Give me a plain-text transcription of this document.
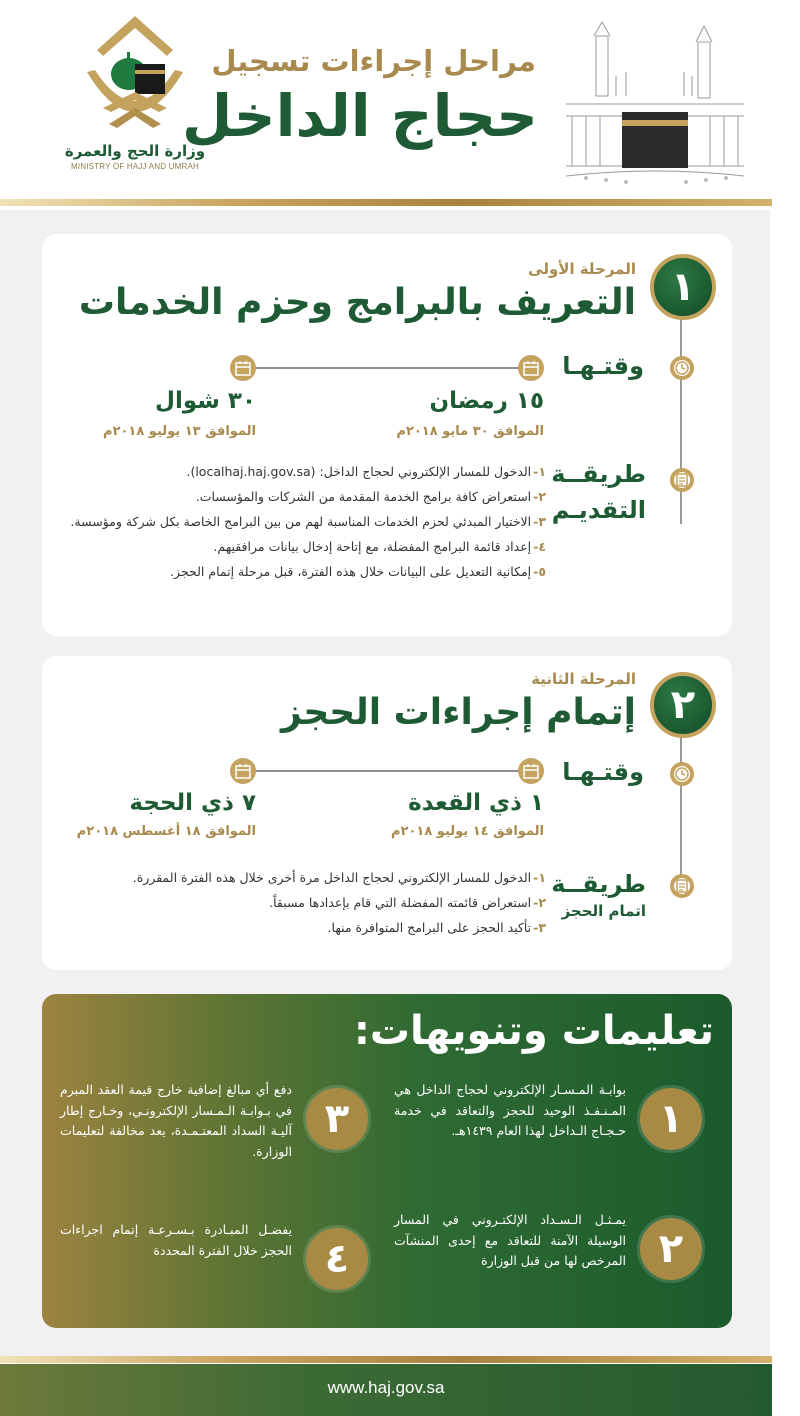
وزارة الحج والعمرة
MINISTRY OF HAJJ AND UMRAH
مراحل إجراءات تسجيل
حجاج الداخل
١
المرحلة الأولى
التعريف بالبرامج وحزم الخدمات
وقتـهـا
١٥ رمضان
الموافق ٣٠ مايو ٢٠١٨م
٣٠ شوال
الموافق ١٣ يوليو ٢٠١٨م
طريقــة
التقديـم
١-الدخول للمسار الإلكتروني لحجاج الداخل: (localhaj.haj.gov.sa).
٢-استعراض كافة برامج الخدمة المقدمة من الشركات والمؤسسات.
٣-الاختيار المبدئي لحزم الخدمات المناسبة لهم من بين البرامج الخاصة بكل شركة ومؤسسة.
٤-إعداد قائمة البرامج المفضلة، مع إتاحة إدخال بيانات مرافقيهم.
٥-إمكانية التعديل على البيانات خلال هذه الفترة، قبل مرحلة إتمام الحجز.
٢
المرحلة الثانية
إتمام إجراءات الحجز
وقتـهـا
١ ذي القعدة
الموافق ١٤ يوليو ٢٠١٨م
٧ ذي الحجة
الموافق ١٨ أغسطس ٢٠١٨م
طريقــة
اتمام الحجز
١-الدخول للمسار الإلكتروني لحجاج الداخل مرة أخرى خلال هذه الفترة المقررة.
٢-استعراض قائمته المفضلة التي قام بإعدادها مسبقاً.
٣-تأكيد الحجز على البرامج المتوافرة منها.
تعليمات وتنويهات:
١
بوابـة المـسـار الإلكتروني لحجاج الداخل هي المـنـفـذ الوحيد للحجز والتعاقد في خدمة حـجـاج الـداخل لهذا العام ١٤٣٩هـ.
٢
يمـثـل الـسـداد الإلكتـروني في المسار الوسيلة الآمنة للتعاقد مع إحدى المنشآت المرخص لها من قبل الوزارة
٣
دفع أي مبالغ إضافية خارج قيمة العقد المبرم في بـوابـة الـمـسار الإلكترونـي، وخـارج إطار آليـة السداد المعتـمـدة، يعد مخالفة لتعليمات الوزارة.
٤
يفضـل المبـادرة بـسـرعـة إتمام اجراءات الحجز خلال الفترة المحددة
www.haj.gov.sa
